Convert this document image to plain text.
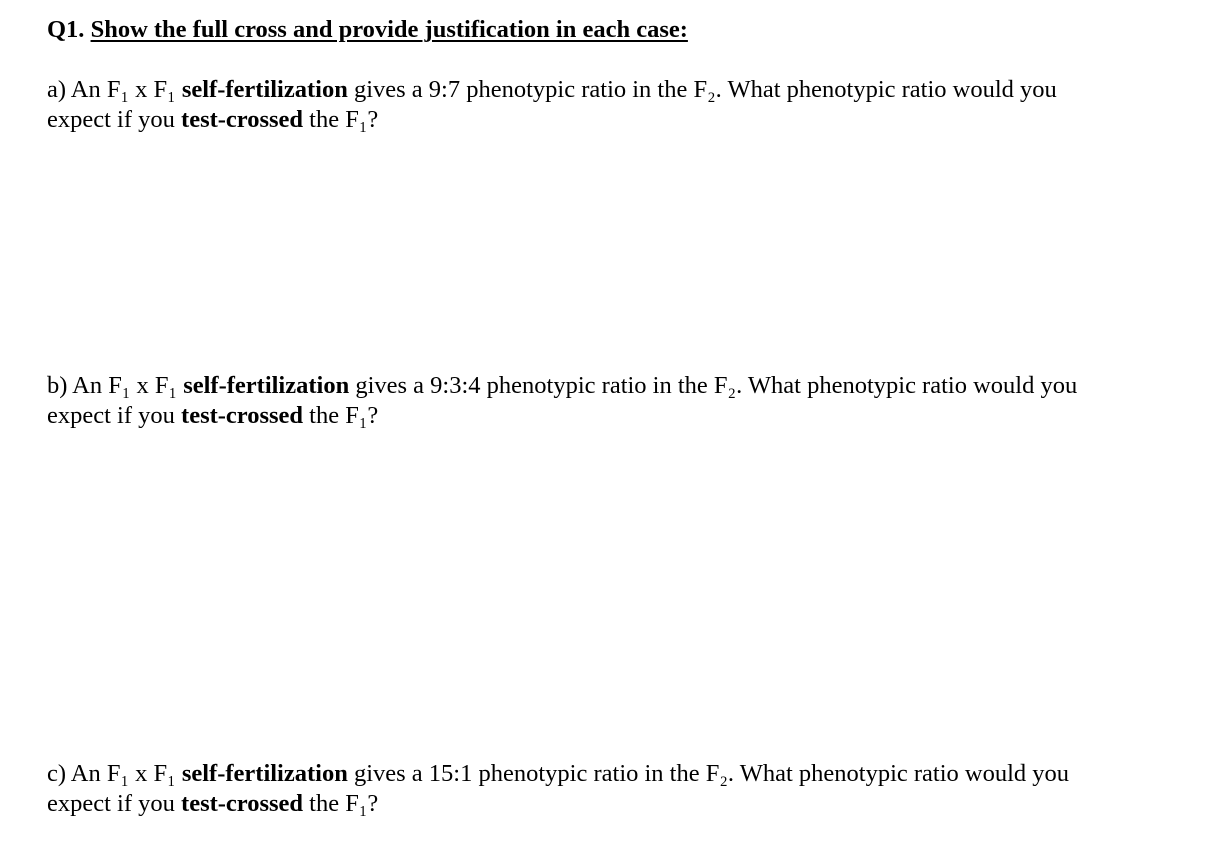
Q1. Show the full cross and provide justification in each case:
a) An F₁ x F₁ self-fertilization gives a 9:7 phenotypic ratio in the F₂. What phenotypic ratio would you
expect if you test-crossed the F₁?
b) An F₁ x F₁ self-fertilization gives a 9:3:4 phenotypic ratio in the F₂. What phenotypic ratio would you
expect if you test-crossed the F₁?
c) An F₁ x F₁ self-fertilization gives a 15:1 phenotypic ratio in the F₂. What phenotypic ratio would you
expect if you test-crossed the F₁?
